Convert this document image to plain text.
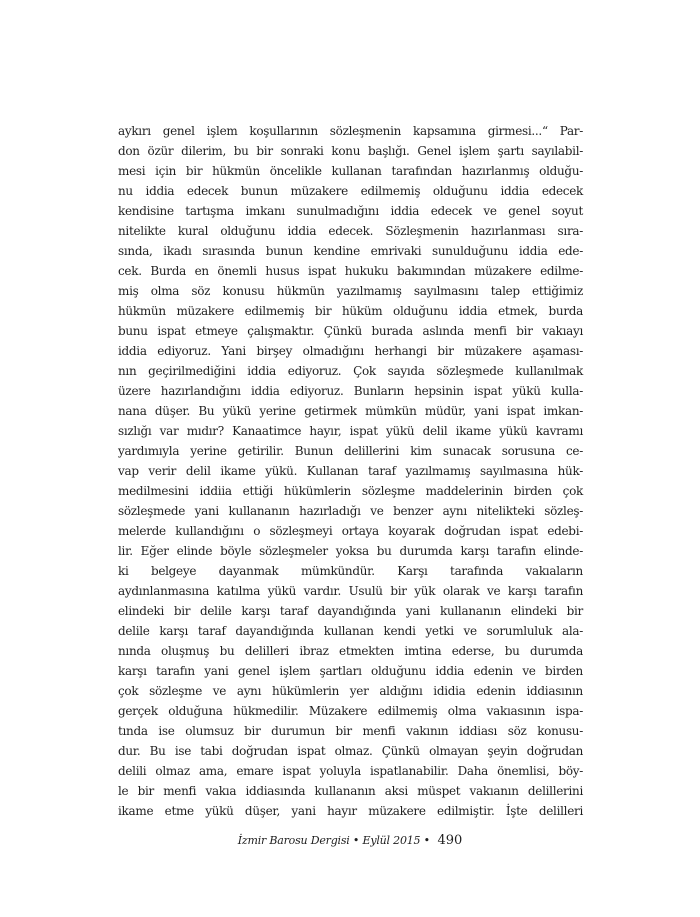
aykırı genel işlem koşullarının sözleşmenin kapsamına girmesi...“ Par-
don özür dilerim, bu bir sonraki konu başlığı. Genel işlem şartı sayılabil-
mesi için bir hükmün öncelikle kullanan tarafından hazırlanmış olduğu-
nu iddia edecek bunun müzakere edilmemiş olduğunu iddia edecek
kendisine tartışma imkanı sunulmadığını iddia edecek ve genel soyut
nitelikte kural olduğunu iddia edecek. Sözleşmenin hazırlanması sıra-
sında, ikadı sırasında bunun kendine emrivaki sunulduğunu iddia ede-
cek. Burda en önemli husus ispat hukuku bakımından müzakere edilme-
miş olma söz konusu hükmün yazılmamış sayılmasını talep ettiğimiz
hükmün müzakere edilmemiş bir hüküm olduğunu iddia etmek, burda
bunu ispat etmeye çalışmaktır. Çünkü burada aslında menfi bir vakıayı
iddia ediyoruz. Yani birşey olmadığını herhangi bir müzakere aşaması-
nın geçirilmediğini iddia ediyoruz. Çok sayıda sözleşmede kullanılmak
üzere hazırlandığını iddia ediyoruz. Bunların hepsinin ispat yükü kulla-
nana düşer. Bu yükü yerine getirmek mümkün müdür, yani ispat imkan-
sızlığı var mıdır? Kanaatimce hayır, ispat yükü delil ikame yükü kavramı
yardımıyla yerine getirilir. Bunun delillerini kim sunacak sorusuna ce-
vap verir delil ikame yükü. Kullanan taraf yazılmamış sayılmasına hük-
medilmesini iddiia ettiği hükümlerin sözleşme maddelerinin birden çok
sözleşmede yani kullananın hazırladığı ve benzer aynı nitelikteki sözleş-
melerde kullandığını o sözleşmeyi ortaya koyarak doğrudan ispat edebi-
lir. Eğer elinde böyle sözleşmeler yoksa bu durumda karşı tarafın elinde-
ki belgeye dayanmak mümkündür. Karşı tarafında vakıaların
aydınlanmasına katılma yükü vardır. Usulü bir yük olarak ve karşı tarafın
elindeki bir delile karşı taraf dayandığında yani kullananın elindeki bir
delile karşı taraf dayandığında kullanan kendi yetki ve sorumluluk ala-
nında oluşmuş bu delilleri ibraz etmekten imtina ederse, bu durumda
karşı tarafın yani genel işlem şartları olduğunu iddia edenin ve birden
çok sözleşme ve aynı hükümlerin yer aldığını ididia edenin iddiasının
gerçek olduğuna hükmedilir. Müzakere edilmemiş olma vakıasının ispa-
tında ise olumsuz bir durumun bir menfi vakının iddiası söz konusu-
dur. Bu ise tabi doğrudan ispat olmaz. Çünkü olmayan şeyin doğrudan
delili olmaz ama, emare ispat yoluyla ispatlanabilir. Daha önemlisi, böy-
le bir menfi vakıa iddiasında kullananın aksi müspet vakıanın delillerini
ikame etme yükü düşer, yani hayır müzakere edilmiştir. İşte delilleri
İzmir Barosu Dergisi • Eylül 2015 • 490
